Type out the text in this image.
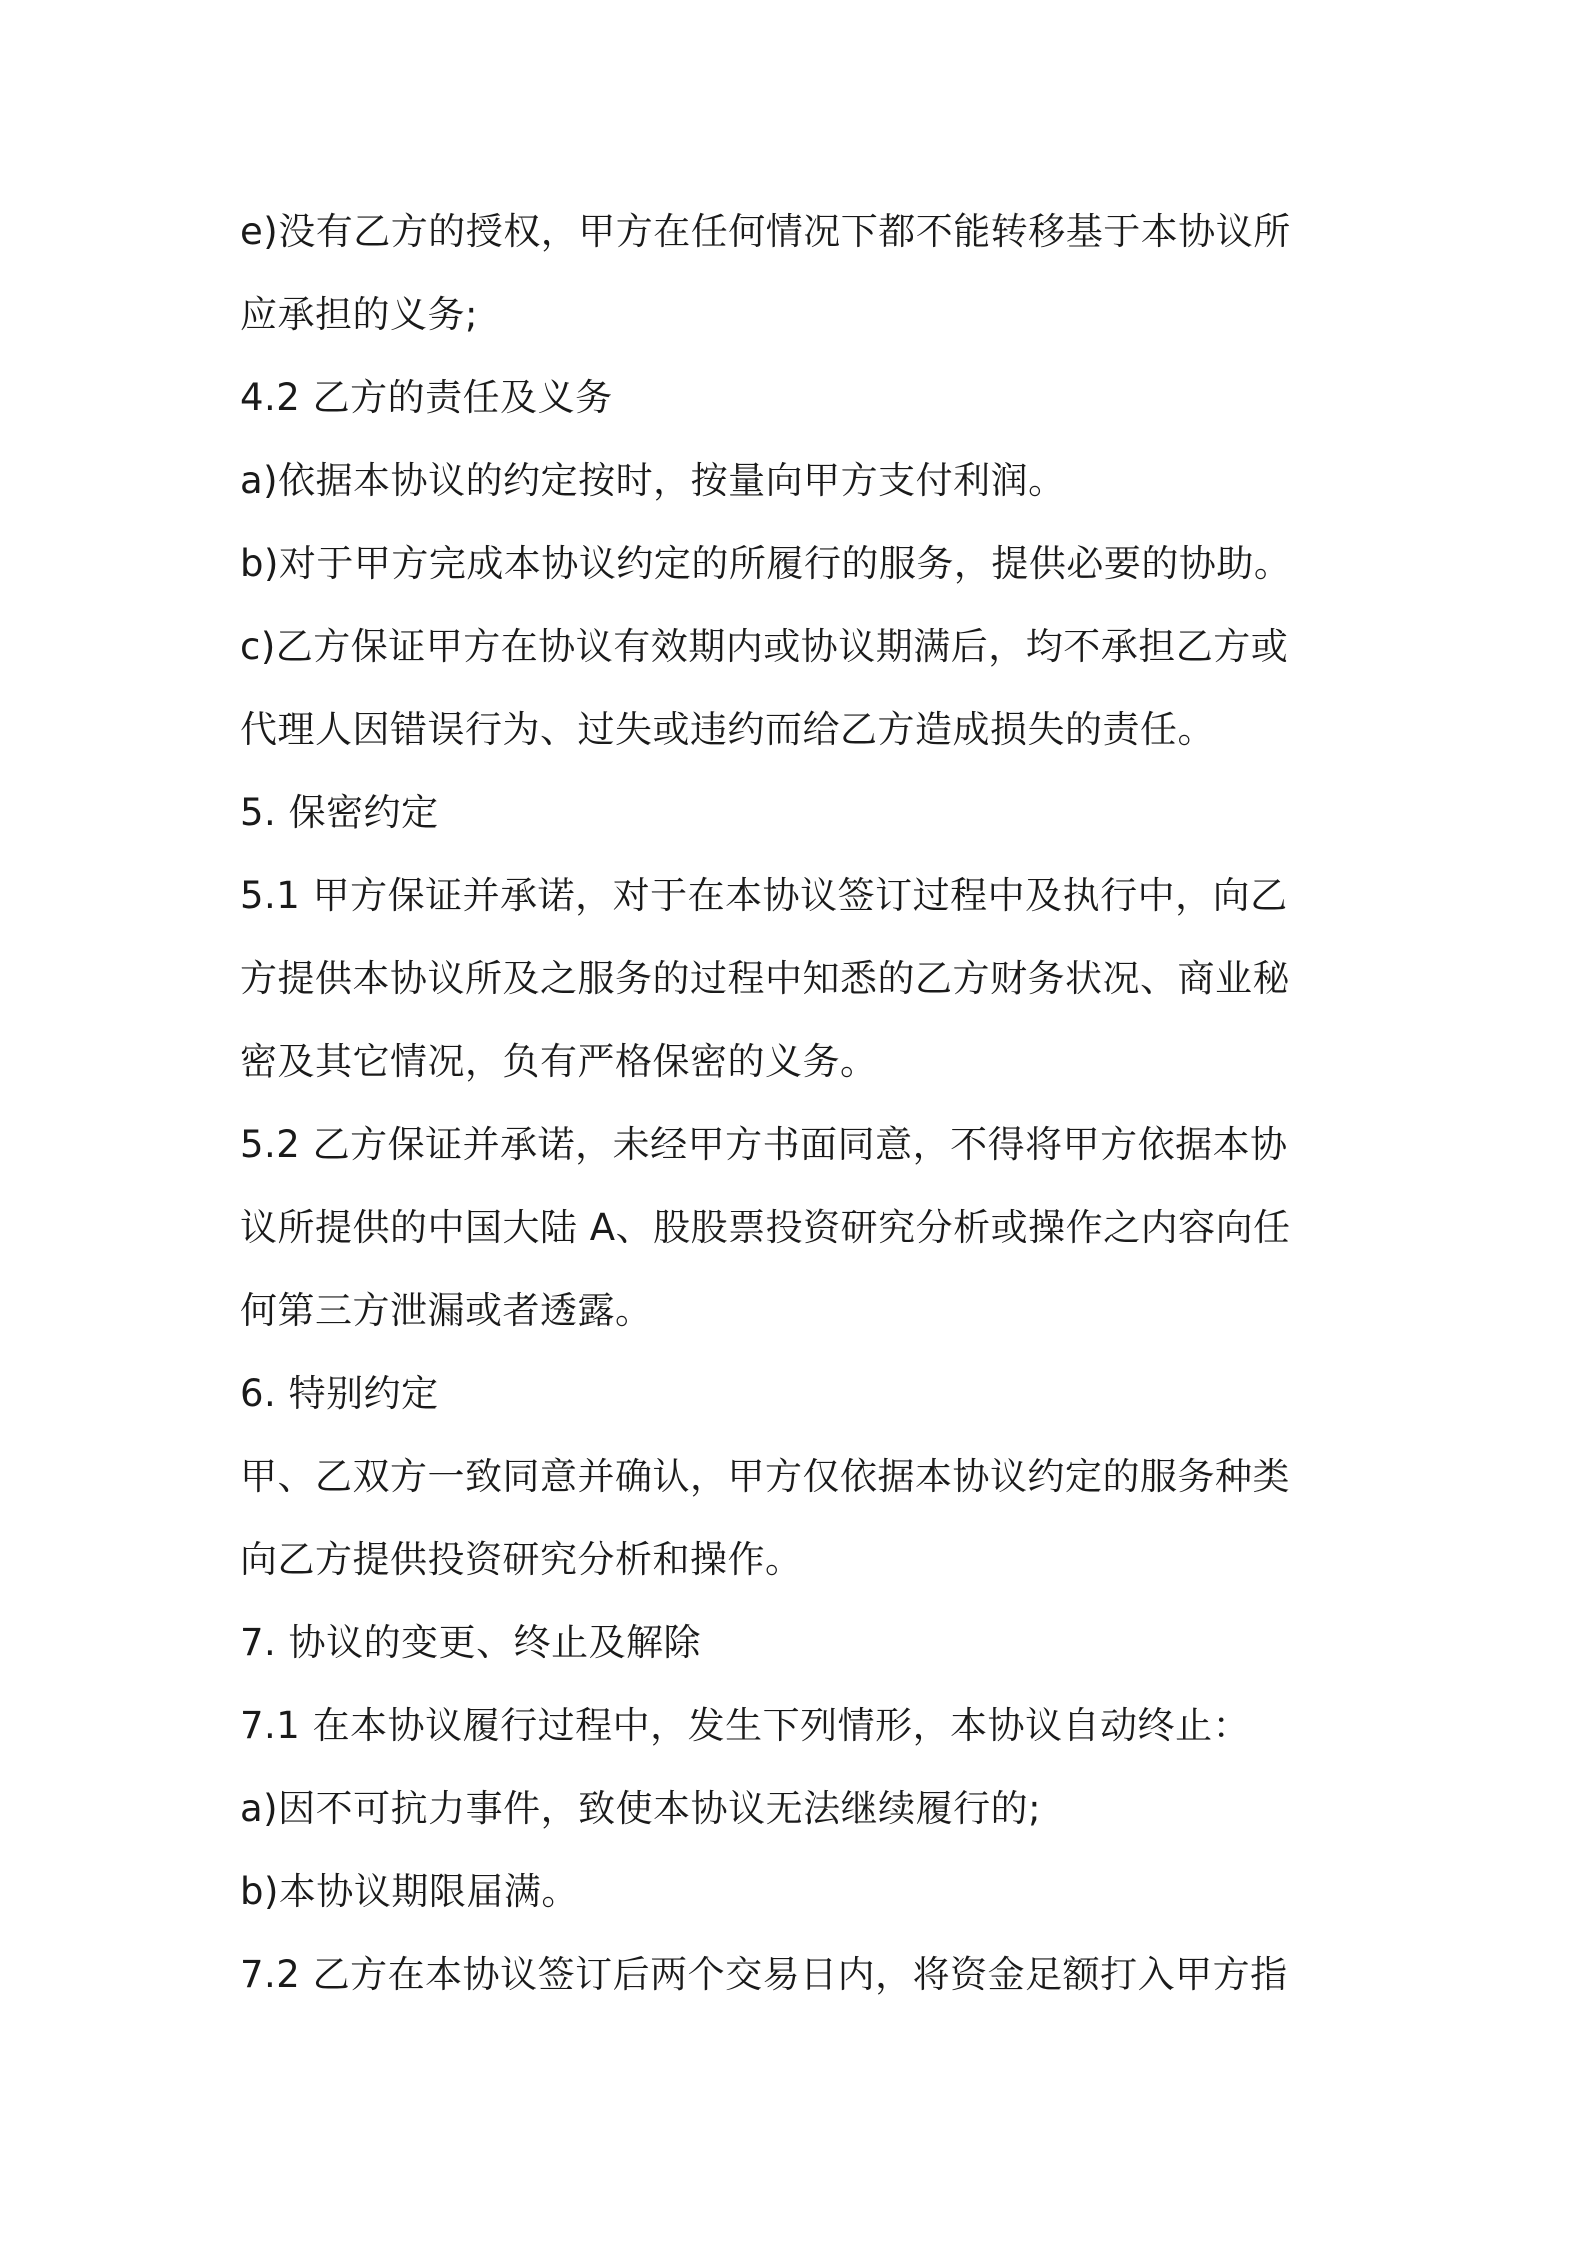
e)没有乙方的授权，甲方在任何情况下都不能转移基于本协议所
应承担的义务;
4.2 乙方的责任及义务
a)依据本协议的约定按时，按量向甲方支付利润。
b)对于甲方完成本协议约定的所履行的服务，提供必要的协助。
c)乙方保证甲方在协议有效期内或协议期满后，均不承担乙方或
代理人因错误行为、过失或违约而给乙方造成损失的责任。
5. 保密约定
5.1 甲方保证并承诺，对于在本协议签订过程中及执行中，向乙
方提供本协议所及之服务的过程中知悉的乙方财务状况、商业秘
密及其它情况，负有严格保密的义务。
5.2 乙方保证并承诺，未经甲方书面同意，不得将甲方依据本协
议所提供的中国大陆 A、股股票投资研究分析或操作之内容向任
何第三方泄漏或者透露。
6. 特别约定
甲、乙双方一致同意并确认，甲方仅依据本协议约定的服务种类
向乙方提供投资研究分析和操作。
7. 协议的变更、终止及解除
7.1 在本协议履行过程中，发生下列情形，本协议自动终止：
a)因不可抗力事件，致使本协议无法继续履行的;
b)本协议期限届满。
7.2 乙方在本协议签订后两个交易日内，将资金足额打入甲方指
